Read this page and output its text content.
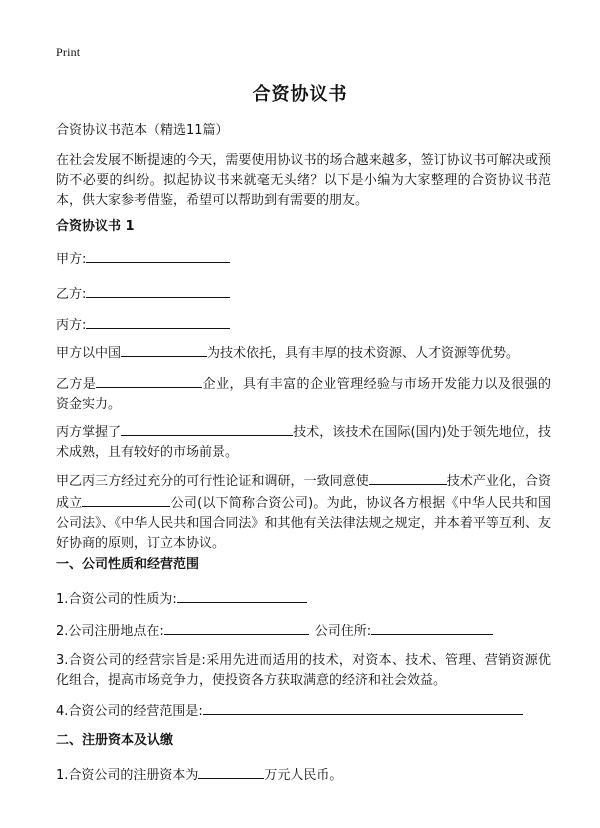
Print
合资协议书
合资协议书范本（精选11篇）
在社会发展不断提速的今天，需要使用协议书的场合越来越多，签订协议书可解决或预防不必要的纠纷。拟起协议书来就毫无头绪？以下是小编为大家整理的合资协议书范本，供大家参考借鉴，希望可以帮助到有需要的朋友。
合资协议书 1
甲方:
乙方:
丙方:
甲方以中国	为技术依托，具有丰厚的技术资源、人才资源等优势。
乙方是	企业，具有丰富的企业管理经验与市场开发能力以及很强的资金实力。
丙方掌握了	技术，该技术在国际(国内)处于领先地位，技术成熟，且有较好的市场前景。
甲乙丙三方经过充分的可行性论证和调研，一致同意使	技术产业化，合资成立	公司(以下简称合资公司)。为此，协议各方根据《中华人民共和国公司法》、《中华人民共和国合同法》和其他有关法律法规之规定，并本着平等互利、友好协商的原则，订立本协议。
一、公司性质和经营范围
1.合资公司的性质为:
2.公司注册地点在:	公司住所:
3.合资公司的经营宗旨是:采用先进而适用的技术，对资本、技术、管理、营销资源优化组合，提高市场竞争力，使投资各方获取满意的经济和社会效益。
4.合资公司的经营范围是:
二、注册资本及认缴
1.合资公司的注册资本为	万元人民币。
